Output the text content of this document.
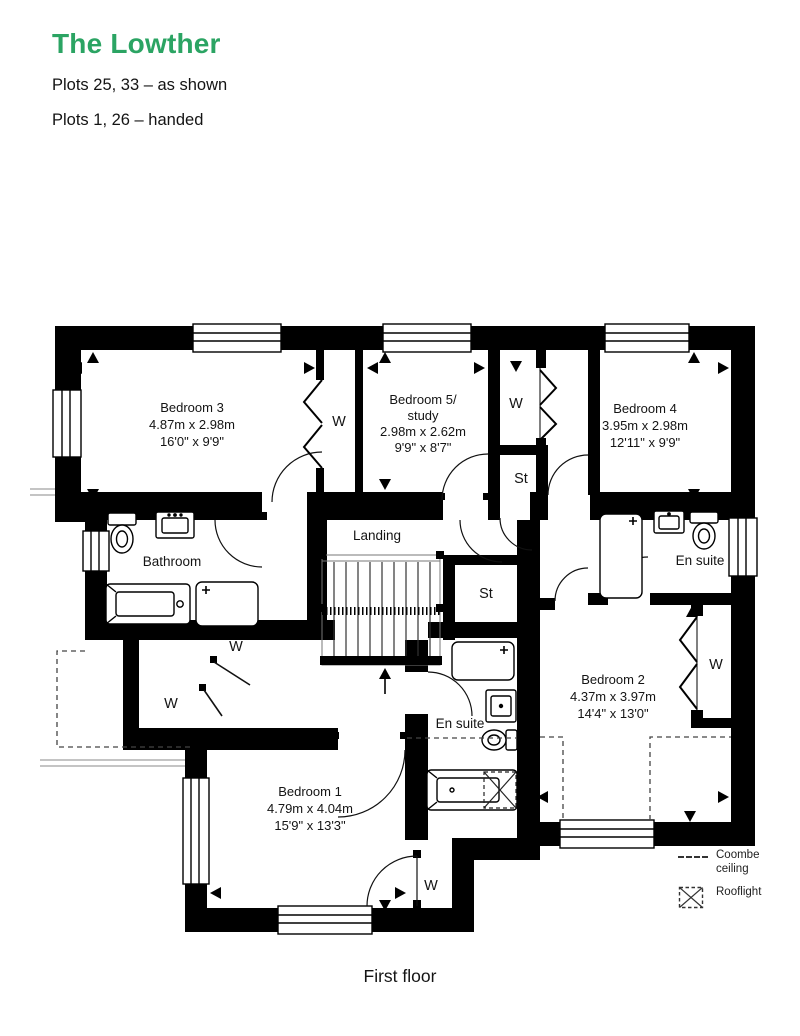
The Lowther

Plots 25, 33 – as shown

Plots 1, 26 – handed

Bedroom 3
4.87m x 2.98m
16'0" x 9'9"
Bedroom 5/
study
2.98m x 2.62m
9'9" x 8'7"
Bedroom 4
3.95m x 2.98m
12'11" x 9'9"
Landing
Bathroom	En suite
En suite
Bedroom 2
4.37m x 3.97m
14'4" x 13'0"
Bedroom 1
4.79m x 4.04m
15'9" x 13'3"
W
W
W
W
W
W
St
St
Coombe ceiling
Rooflight
First floor
